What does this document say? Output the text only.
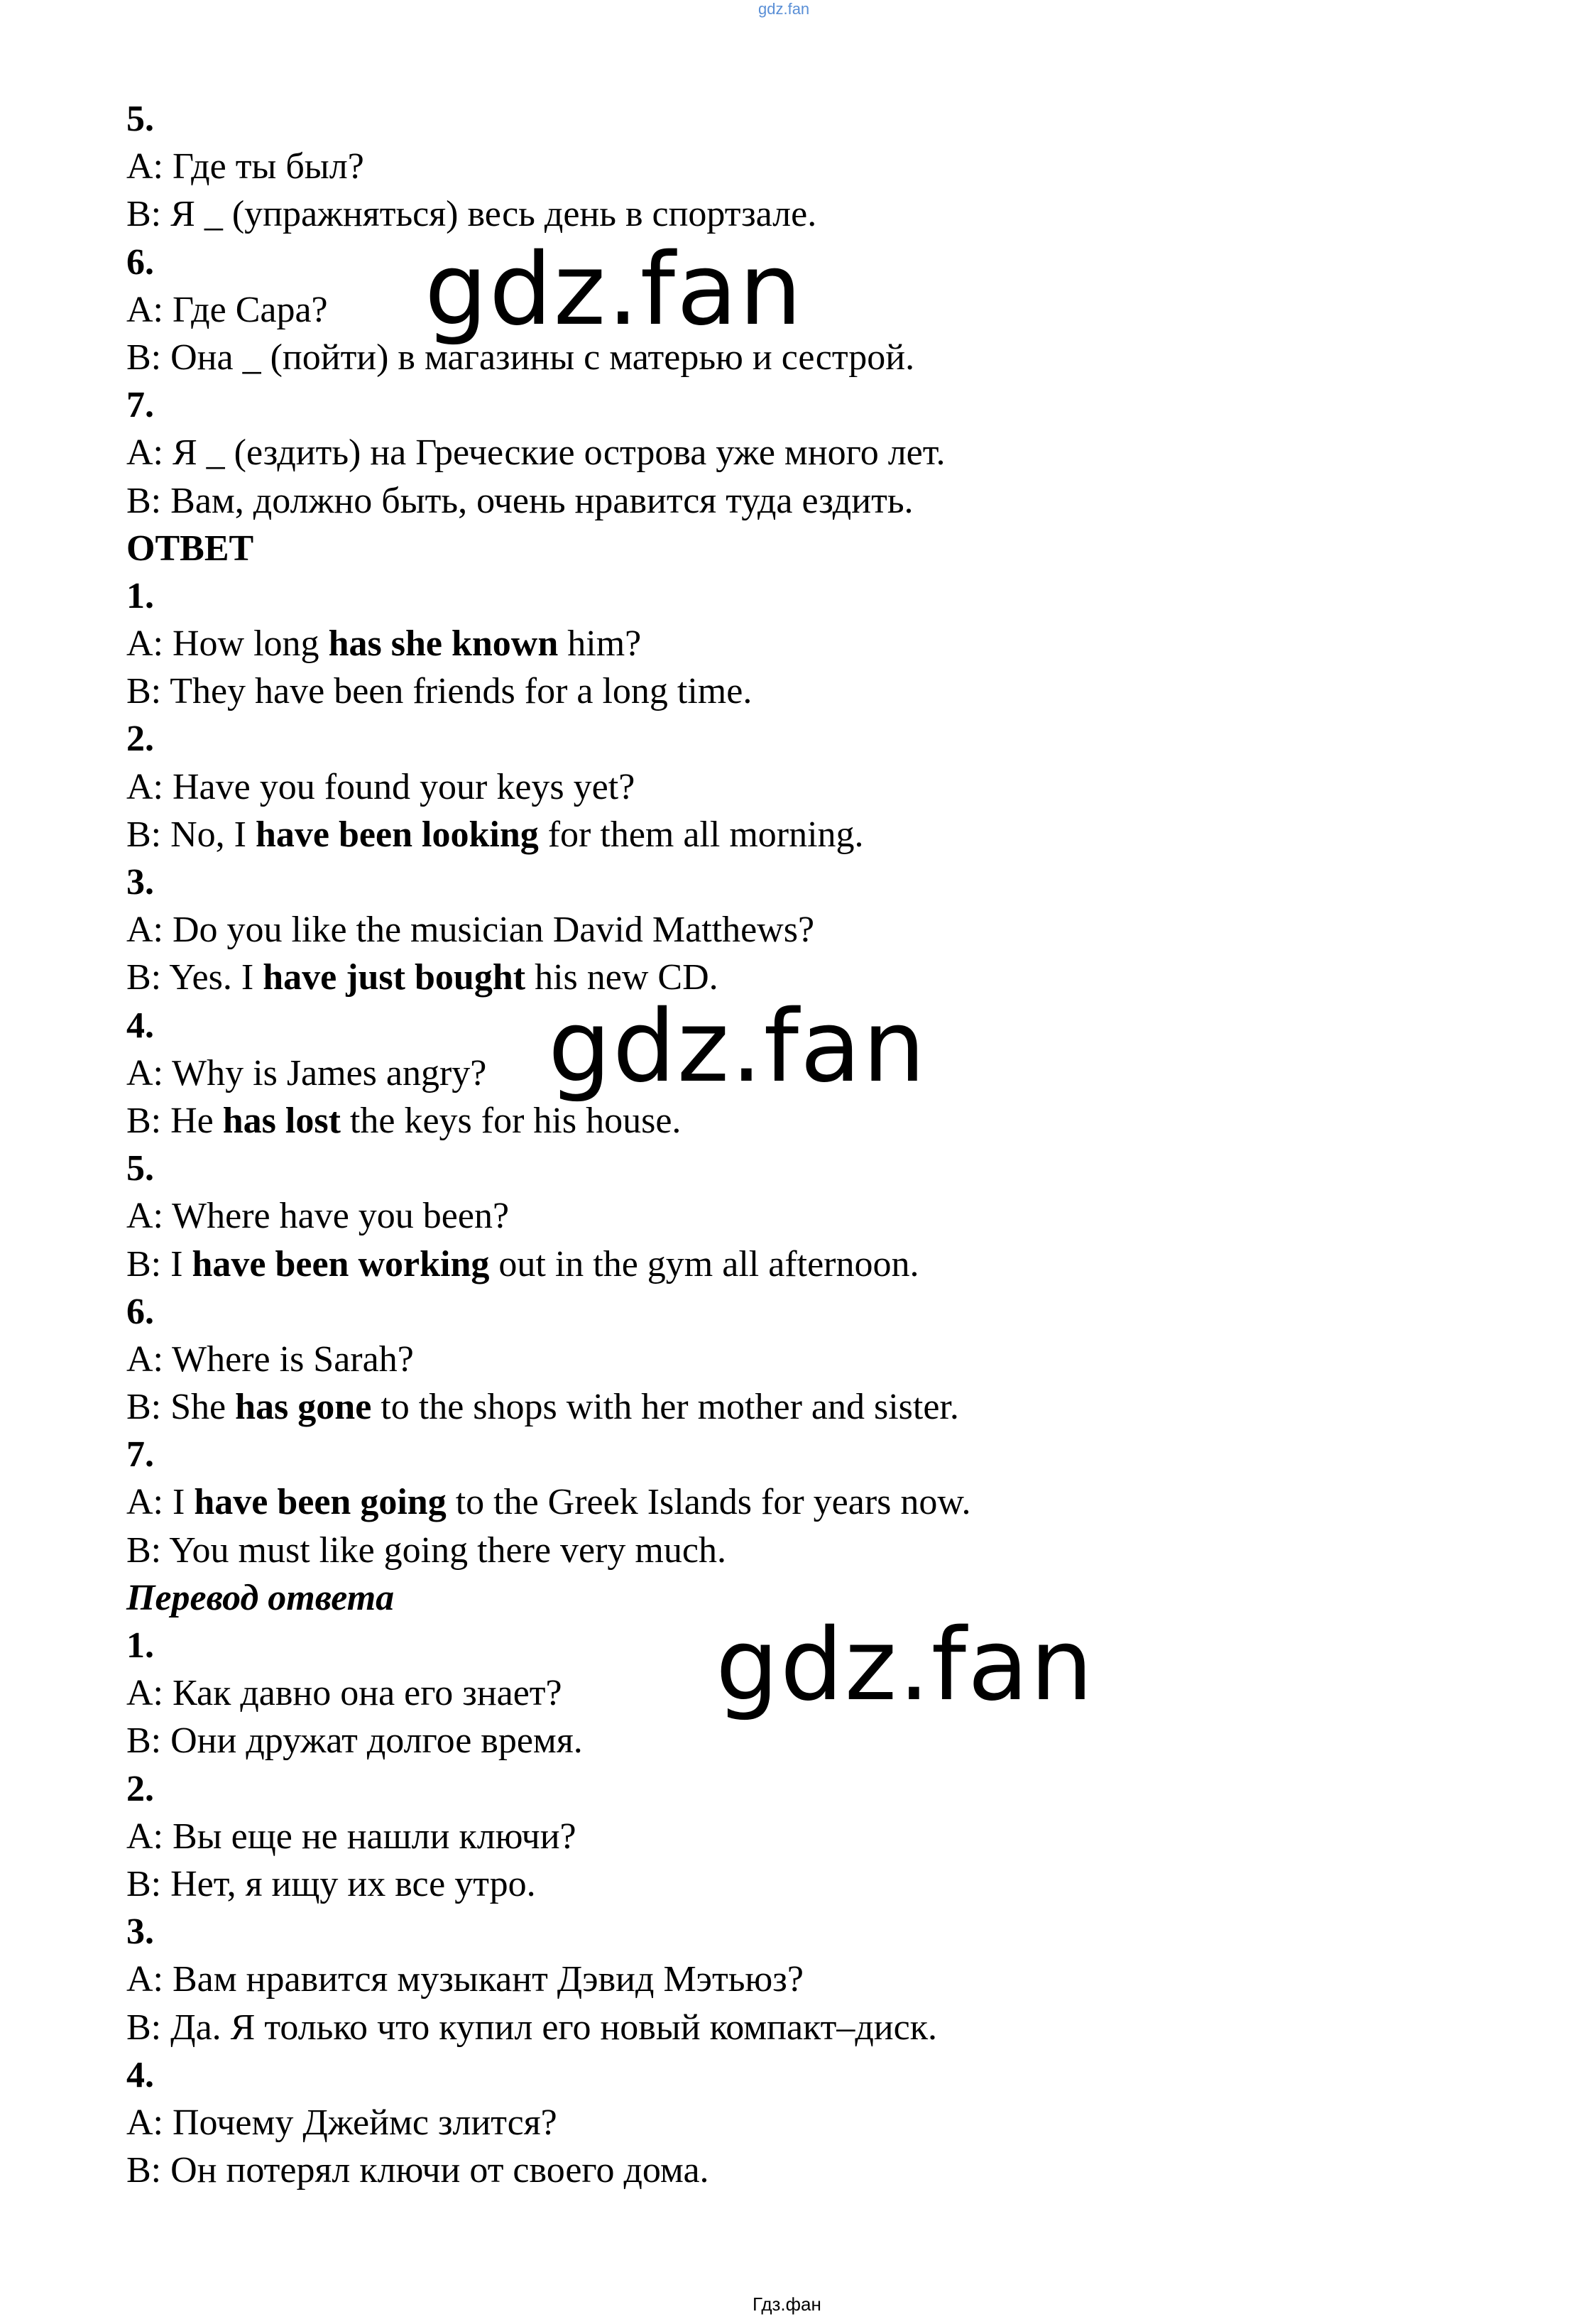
gdz.fan
5.
A: Где ты был?
B: Я _ (упражняться) весь день в спортзале.
6.
A: Где Сара?
B: Она _ (пойти) в магазины с матерью и сестрой.
7.
A: Я _ (ездить) на Греческие острова уже много лет.
B: Вам, должно быть, очень нравится туда ездить.
ОТВЕТ
1.
A: How long has she known him?
B: They have been friends for a long time.
2.
A: Have you found your keys yet?
B: No, I have been looking for them all morning.
3.
A: Do you like the musician David Matthews?
B: Yes. I have just bought his new CD.
4.
A: Why is James angry?
B: He has lost the keys for his house.
5.
A: Where have you been?
B: I have been working out in the gym all afternoon.
6.
A: Where is Sarah?
B: She has gone to the shops with her mother and sister.
7.
A: I have been going to the Greek Islands for years now.
B: You must like going there very much.
Перевод ответа
1.
A: Как давно она его знает?
B: Они дружат долгое время.
2.
A: Вы еще не нашли ключи?
B: Нет, я ищу их все утро.
3.
A: Вам нравится музыкант Дэвид Мэтьюз?
B: Да. Я только что купил его новый компакт–диск.
4.
A: Почему Джеймс злится?
B: Он потерял ключи от своего дома.
gdz.fan
gdz.fan
gdz.fan
Гдз.фан
